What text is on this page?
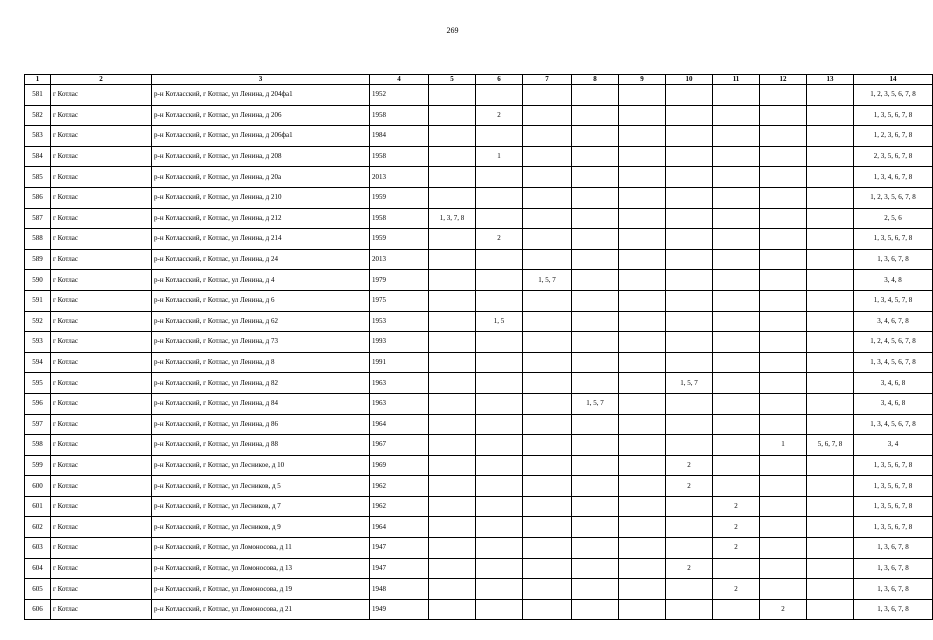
269
1	2	3	4	5	6	7	8	9	10	11	12	13	14
581	г Котлас	р-н Котласский, г Котлас, ул Ленина, д 204фа1	1952										1, 2, 3, 5, 6, 7, 8
582	г Котлас	р-н Котласский, г Котлас, ул Ленина, д 206	1958		2								1, 3, 5, 6, 7, 8
583	г Котлас	р-н Котласский, г Котлас, ул Ленина, д 206фа1	1984										1, 2, 3, 6, 7, 8
584	г Котлас	р-н Котласский, г Котлас, ул Ленина, д 208	1958		1								2, 3, 5, 6, 7, 8
585	г Котлас	р-н Котласский, г Котлас, ул Ленина, д 20а	2013										1, 3, 4, 6, 7, 8
586	г Котлас	р-н Котласский, г Котлас, ул Ленина, д 210	1959										1, 2, 3, 5, 6, 7, 8
587	г Котлас	р-н Котласский, г Котлас, ул Ленина, д 212	1958	1, 3, 7, 8									2, 5, 6
588	г Котлас	р-н Котласский, г Котлас, ул Ленина, д 214	1959		2								1, 3, 5, 6, 7, 8
589	г Котлас	р-н Котласский, г Котлас, ул Ленина, д 24	2013										1, 3, 6, 7, 8
590	г Котлас	р-н Котласский, г Котлас, ул Ленина, д 4	1979			1, 5, 7							3, 4, 8
591	г Котлас	р-н Котласский, г Котлас, ул Ленина, д 6	1975										1, 3, 4, 5, 7, 8
592	г Котлас	р-н Котласский, г Котлас, ул Ленина, д 62	1953		1, 5								3, 4, 6, 7, 8
593	г Котлас	р-н Котласский, г Котлас, ул Ленина, д 73	1993										1, 2, 4, 5, 6, 7, 8
594	г Котлас	р-н Котласский, г Котлас, ул Ленина, д 8	1991										1, 3, 4, 5, 6, 7, 8
595	г Котлас	р-н Котласский, г Котлас, ул Ленина, д 82	1963						1, 5, 7				3, 4, 6, 8
596	г Котлас	р-н Котласский, г Котлас, ул Ленина, д 84	1963				1, 5, 7						3, 4, 6, 8
597	г Котлас	р-н Котласский, г Котлас, ул Ленина, д 86	1964										1, 3, 4, 5, 6, 7, 8
598	г Котлас	р-н Котласский, г Котлас, ул Ленина, д 88	1967								1	5, 6, 7, 8	3, 4
599	г Котлас	р-н Котласский, г Котлас, ул Лесникое, д 10	1969						2				1, 3, 5, 6, 7, 8
600	г Котлас	р-н Котласский, г Котлас, ул Лесников, д 5	1962						2				1, 3, 5, 6, 7, 8
601	г Котлас	р-н Котласский, г Котлас, ул Лесников, д 7	1962							2			1, 3, 5, 6, 7, 8
602	г Котлас	р-н Котласский, г Котлас, ул Лесников, д 9	1964							2			1, 3, 5, 6, 7, 8
603	г Котлас	р-н Котласский, г Котлас, ул Ломоносова, д 11	1947							2			1, 3, 6, 7, 8
604	г Котлас	р-н Котласский, г Котлас, ул Ломоносова, д 13	1947						2				1, 3, 6, 7, 8
605	г Котлас	р-н Котласский, г Котлас, ул Ломоносова, д 19	1948							2			1, 3, 6, 7, 8
606	г Котлас	р-н Котласский, г Котлас, ул Ломоносова, д 21	1949								2		1, 3, 6, 7, 8
